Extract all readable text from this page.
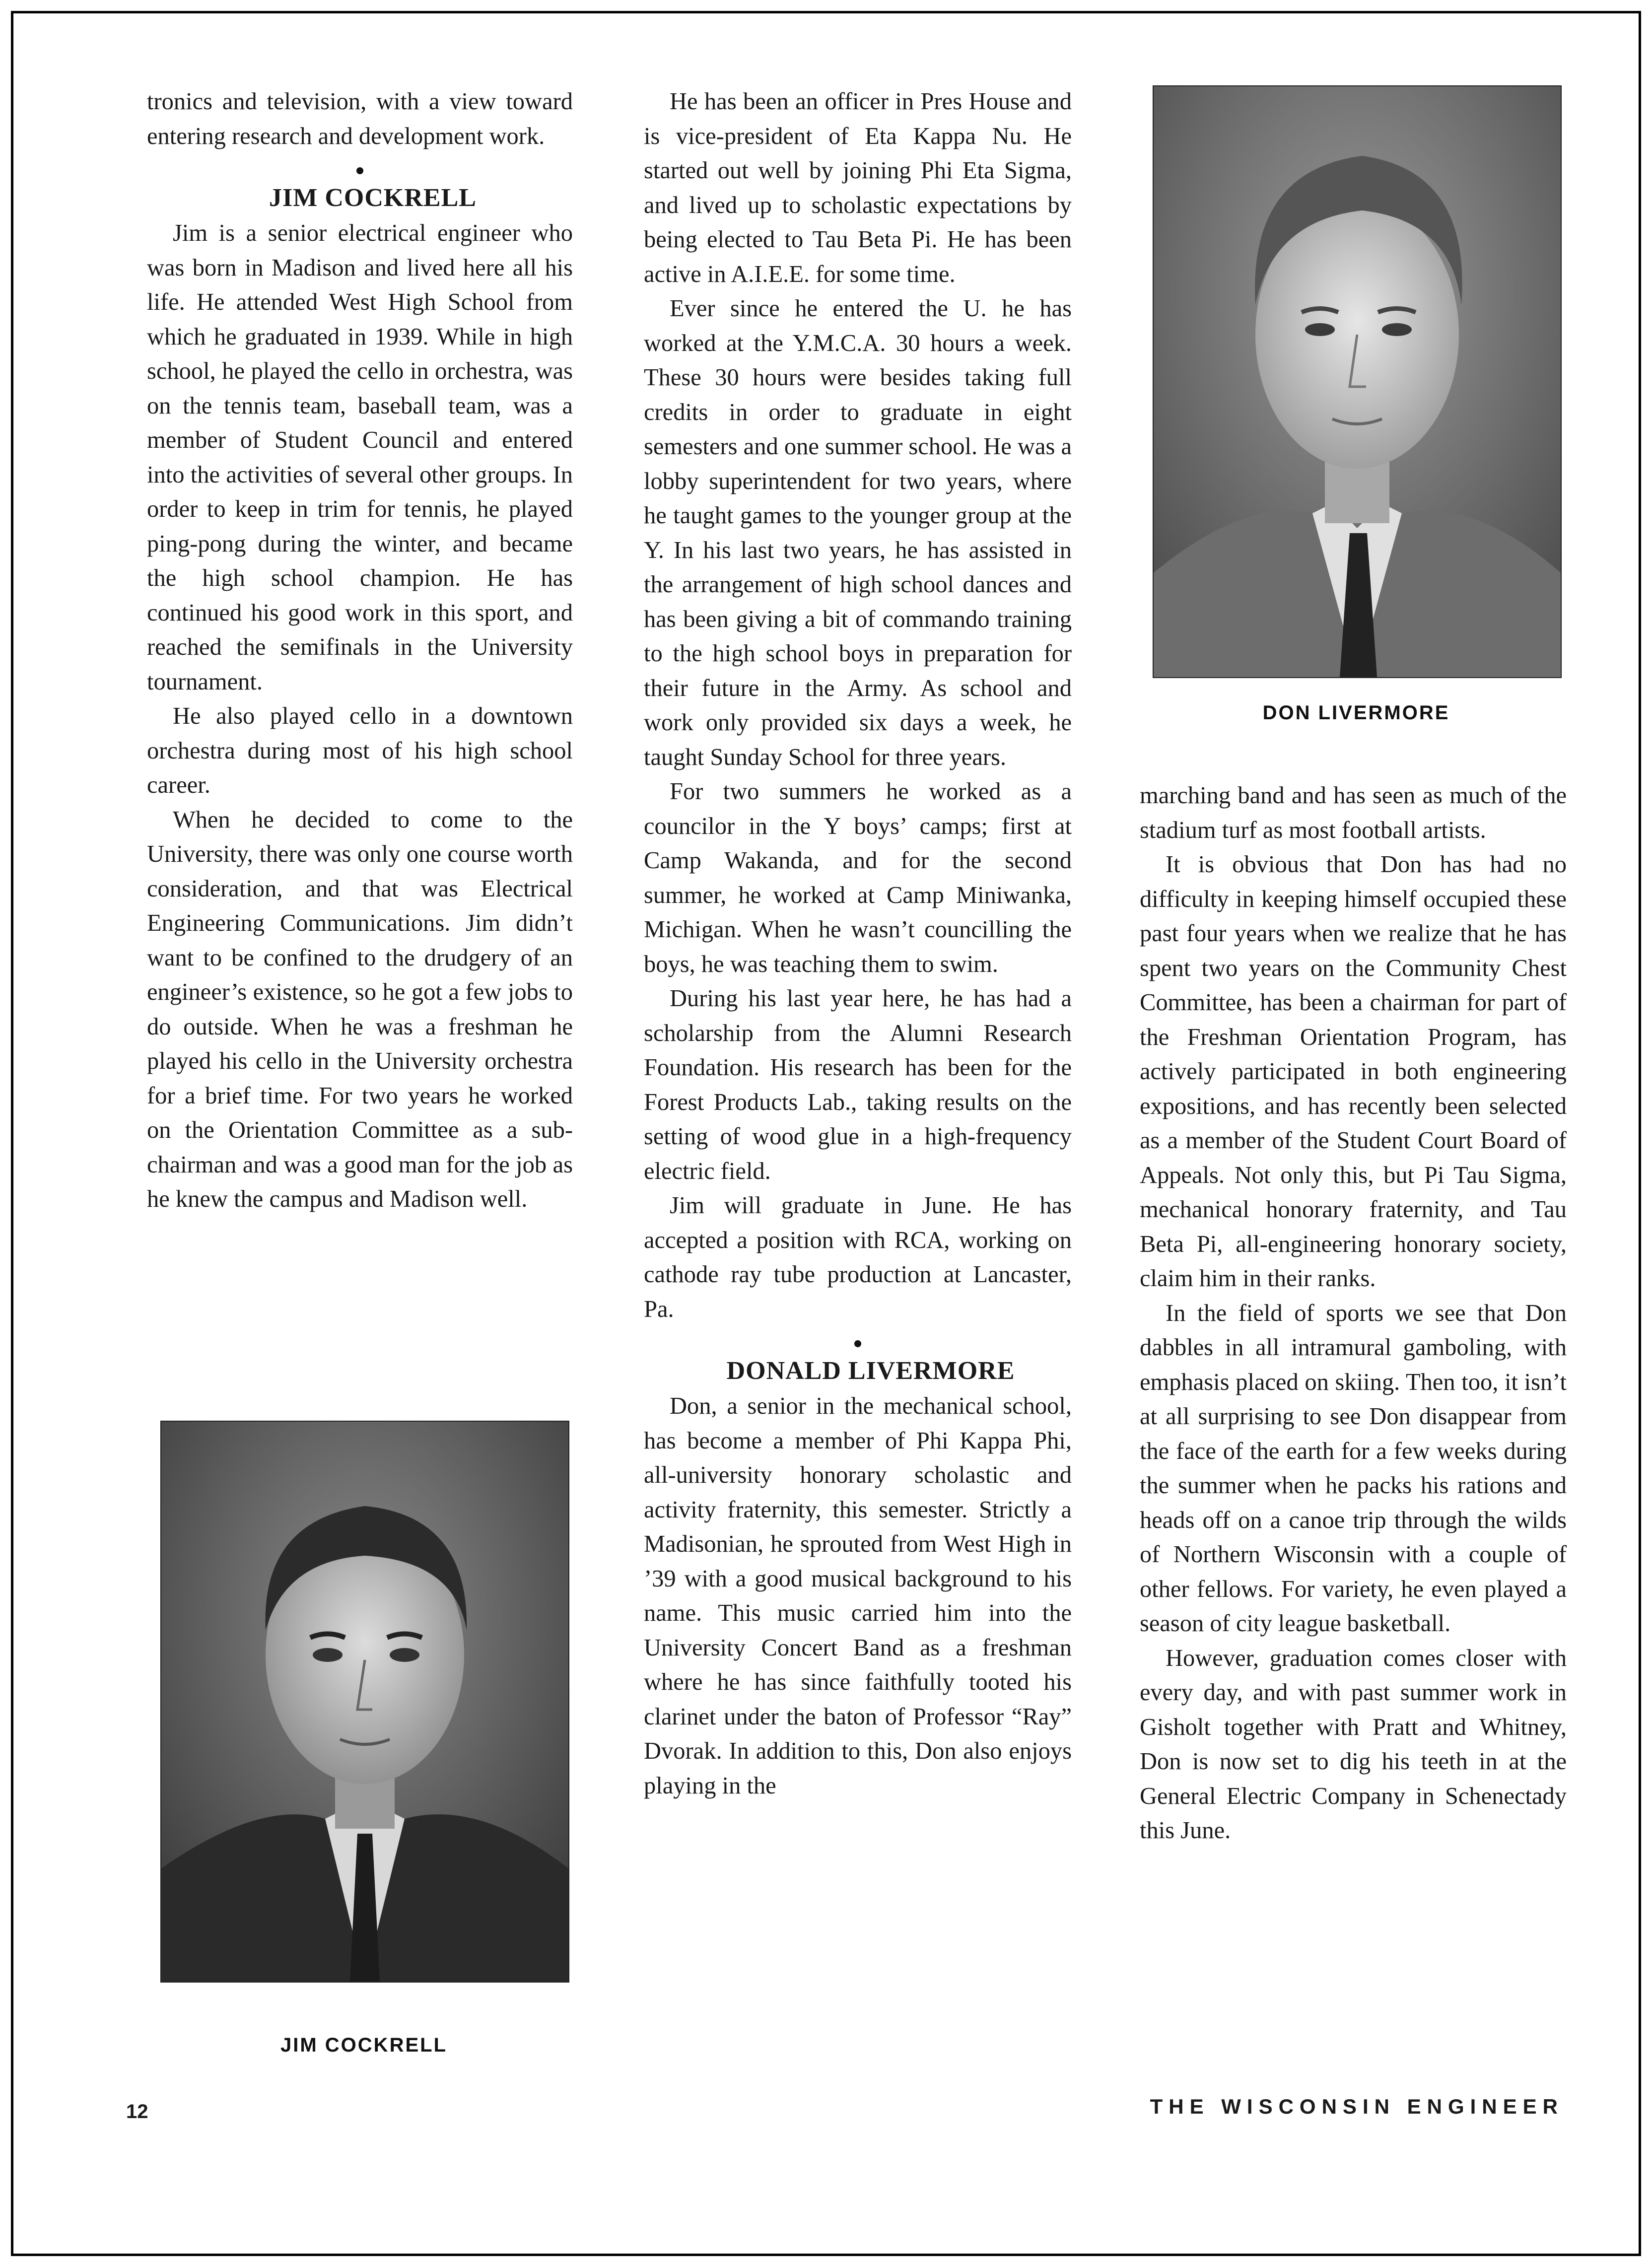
tronics and television, with a view toward entering research and development work.

JIM COCKRELL

Jim is a senior electrical engineer who was born in Madison and lived here all his life. He attended West High School from which he graduated in 1939. While in high school, he played the cello in orchestra, was on the tennis team, baseball team, was a member of Student Council and entered into the activities of several other groups. In order to keep in trim for tennis, he played ping-pong during the winter, and became the high school champion. He has continued his good work in this sport, and reached the semifinals in the University tournament.

He also played cello in a downtown orchestra during most of his high school career.

When he decided to come to the University, there was only one course worth consideration, and that was Electrical Engineering Communications. Jim didn’t want to be confined to the drudgery of an engineer’s existence, so he got a few jobs to do outside. When he was a freshman he played his cello in the University orchestra for a brief time. For two years he worked on the Orientation Committee as a subchairman and was a good man for the job as he knew the campus and Madison well.

JIM COCKRELL

He has been an officer in Pres House and is vice-president of Eta Kappa Nu. He started out well by joining Phi Eta Sigma, and lived up to scholastic expectations by being elected to Tau Beta Pi. He has been active in A.I.E.E. for some time.

Ever since he entered the U. he has worked at the Y.M.C.A. 30 hours a week. These 30 hours were besides taking full credits in order to graduate in eight semesters and one summer school. He was a lobby superintendent for two years, where he taught games to the younger group at the Y. In his last two years, he has assisted in the arrangement of high school dances and has been giving a bit of commando training to the high school boys in preparation for their future in the Army. As school and work only provided six days a week, he taught Sunday School for three years.

For two summers he worked as a councilor in the Y boys’ camps; first at Camp Wakanda, and for the second summer, he worked at Camp Miniwanka, Michigan. When he wasn’t councilling the boys, he was teaching them to swim.

During his last year here, he has had a scholarship from the Alumni Research Foundation. His research has been for the Forest Products Lab., taking results on the setting of wood glue in a high-frequency electric field.

Jim will graduate in June. He has accepted a position with RCA, working on cathode ray tube production at Lancaster, Pa.

DONALD LIVERMORE

Don, a senior in the mechanical school, has become a member of Phi Kappa Phi, all-university honorary scholastic and activity fraternity, this semester. Strictly a Madisonian, he sprouted from West High in ’39 with a good musical background to his name. This music carried him into the University Concert Band as a freshman where he has since faithfully tooted his clarinet under the baton of Professor “Ray” Dvorak. In addition to this, Don also enjoys playing in the

DON LIVERMORE

marching band and has seen as much of the stadium turf as most football artists.

It is obvious that Don has had no difficulty in keeping himself occupied these past four years when we realize that he has spent two years on the Community Chest Committee, has been a chairman for part of the Freshman Orientation Program, has actively participated in both engineering expositions, and has recently been selected as a member of the Student Court Board of Appeals. Not only this, but Pi Tau Sigma, mechanical honorary fraternity, and Tau Beta Pi, all-engineering honorary society, claim him in their ranks.

In the field of sports we see that Don dabbles in all intramural gamboling, with emphasis placed on skiing. Then too, it isn’t at all surprising to see Don disappear from the face of the earth for a few weeks during the summer when he packs his rations and heads off on a canoe trip through the wilds of Northern Wisconsin with a couple of other fellows. For variety, he even played a season of city league basketball.

However, graduation comes closer with every day, and with past summer work in Gisholt together with Pratt and Whitney, Don is now set to dig his teeth in at the General Electric Company in Schenectady this June.

12	THE WISCONSIN ENGINEER
